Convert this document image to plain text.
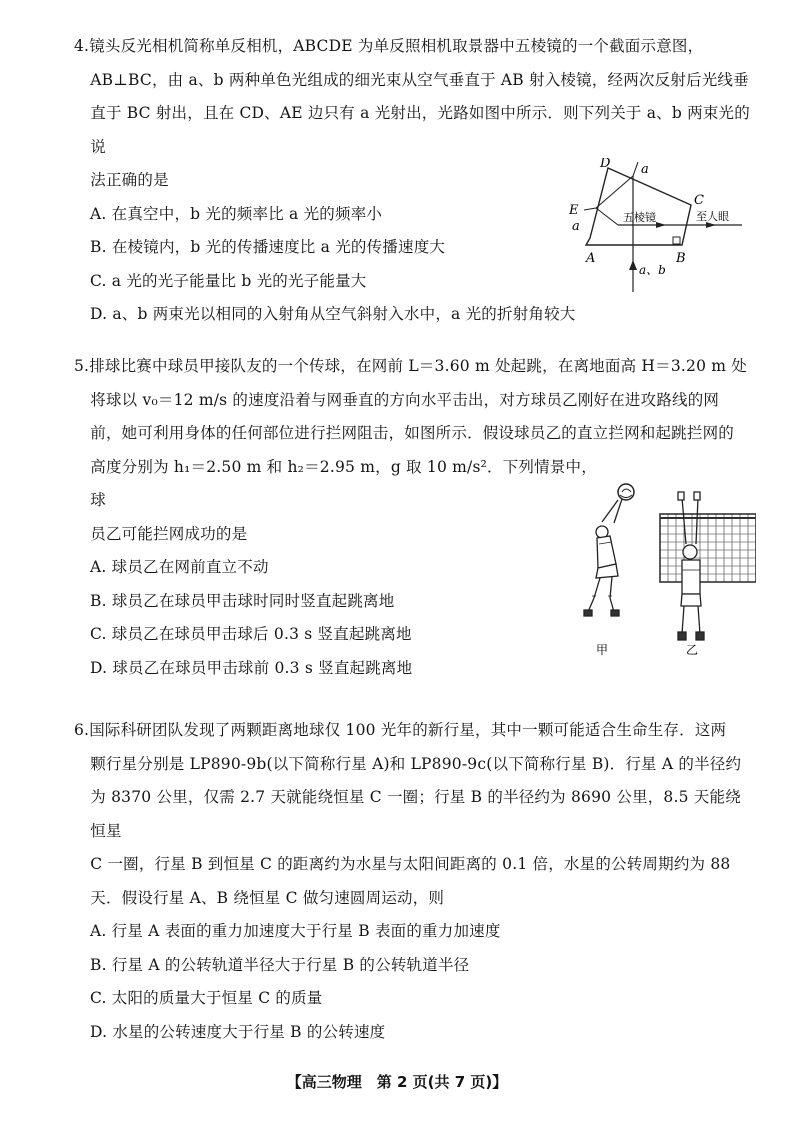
4.镜头反光相机简称单反相机，ABCDE 为单反照相机取景器中五棱镜的一个截面示意图，

AB⊥BC，由 a、b 两种单色光组成的细光束从空气垂直于 AB 射入棱镜，经两次反射后光线垂

直于 BC 射出，且在 CD、AE 边只有 a 光射出，光路如图中所示．则下列关于 a、b 两束光的说

法正确的是

A. 在真空中，b 光的频率比 a 光的频率小

B. 在棱镜内，b 光的传播速度比 a 光的传播速度大

C. a 光的光子能量比 b 光的光子能量大

D. a、b 两束光以相同的入射角从空气斜射入水中，a 光的折射角较大

D a
C
E	五棱镜	至人眼
a
A	B
a、b

5.排球比赛中球员甲接队友的一个传球，在网前 L＝3.60 m 处起跳，在离地面高 H＝3.20 m 处

将球以 v₀＝12 m/s 的速度沿着与网垂直的方向水平击出，对方球员乙刚好在进攻路线的网

前，她可利用身体的任何部位进行拦网阻击，如图所示．假设球员乙的直立拦网和起跳拦网的

高度分别为 h₁＝2.50 m 和 h₂＝2.95 m，g 取 10 m/s²．下列情景中，球

员乙可能拦网成功的是

A. 球员乙在网前直立不动

B. 球员乙在球员甲击球时同时竖直起跳离地

C. 球员乙在球员甲击球后 0.3 s 竖直起跳离地

D. 球员乙在球员甲击球前 0.3 s 竖直起跳离地

甲	乙

6.国际科研团队发现了两颗距离地球仅 100 光年的新行星，其中一颗可能适合生命生存．这两

颗行星分别是 LP890-9b(以下简称行星 A)和 LP890-9c(以下简称行星 B)．行星 A 的半径约

为 8370 公里，仅需 2.7 天就能绕恒星 C 一圈；行星 B 的半径约为 8690 公里，8.5 天能绕恒星

C 一圈，行星 B 到恒星 C 的距离约为水星与太阳间距离的 0.1 倍，水星的公转周期约为 88

天．假设行星 A、B 绕恒星 C 做匀速圆周运动，则

A. 行星 A 表面的重力加速度大于行星 B 表面的重力加速度

B. 行星 A 的公转轨道半径大于行星 B 的公转轨道半径

C. 太阳的质量大于恒星 C 的质量

D. 水星的公转速度大于行星 B 的公转速度

【高三物理　第 2 页(共 7 页)】
